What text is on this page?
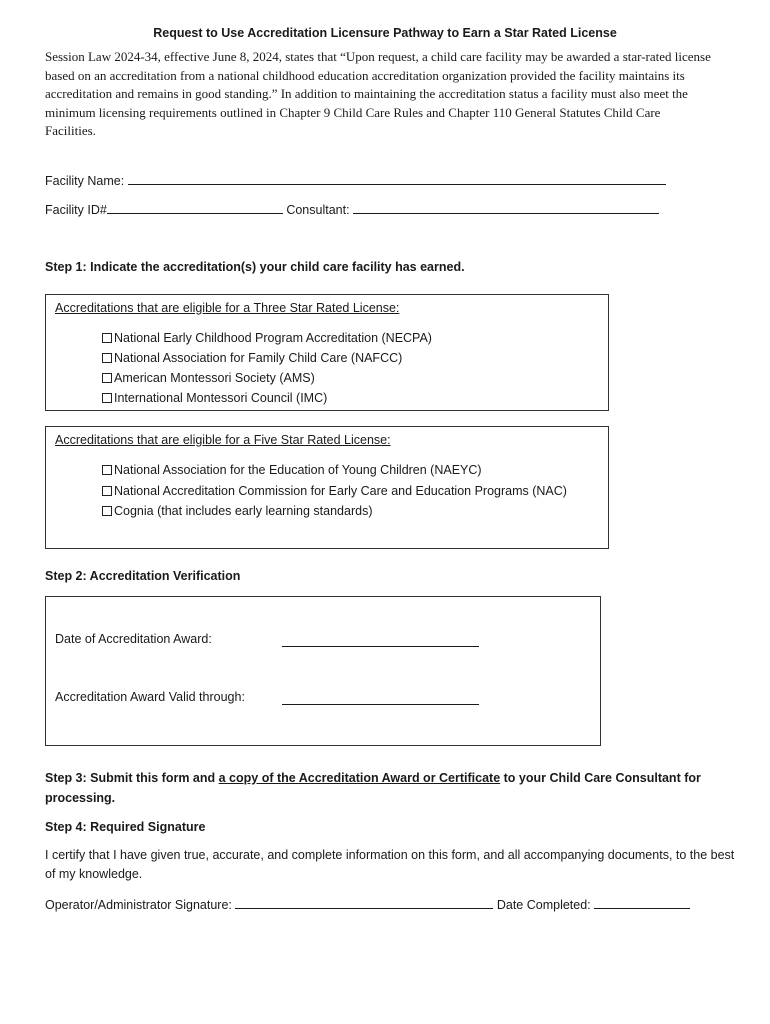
Request to Use Accreditation Licensure Pathway to Earn a Star Rated License
Session Law 2024-34, effective June 8, 2024, states that “Upon request, a child care facility may be awarded a star-rated license based on an accreditation from a national childhood education accreditation organization provided the facility maintains its accreditation and remains in good standing.” In addition to maintaining the accreditation status a facility must also meet the minimum licensing requirements outlined in Chapter 9 Child Care Rules and Chapter 110 General Statutes Child Care Facilities.
Facility Name:
Facility ID#	Consultant:
Step 1: Indicate the accreditation(s) your child care facility has earned.
Accreditations that are eligible for a Three Star Rated License:
National Early Childhood Program Accreditation (NECPA)
National Association for Family Child Care (NAFCC)
American Montessori Society (AMS)
International Montessori Council (IMC)
Accreditations that are eligible for a Five Star Rated License:
National Association for the Education of Young Children (NAEYC)
National Accreditation Commission for Early Care and Education Programs (NAC)
Cognia (that includes early learning standards)
Step 2: Accreditation Verification
Date of Accreditation Award:
Accreditation Award Valid through:
Step 3: Submit this form and a copy of the Accreditation Award or Certificate to your Child Care Consultant for processing.
Step 4: Required Signature
I certify that I have given true, accurate, and complete information on this form, and all accompanying documents, to the best of my knowledge.
Operator/Administrator Signature:	Date Completed:
